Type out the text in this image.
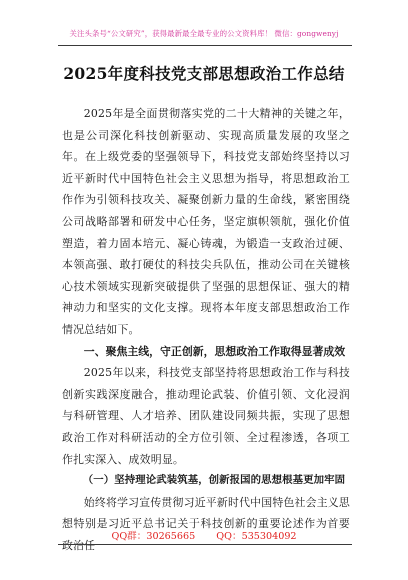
关注头条号“公文研究”，获得最新最全最专业的公文资料库！ 微信：gongwenyj
2025年度科技党支部思想政治工作总结

2025年是全面贯彻落实党的二十大精神的关键之年，也是公司深化科技创新驱动、实现高质量发展的攻坚之年。在上级党委的坚强领导下，科技党支部始终坚持以习近平新时代中国特色社会主义思想为指导，将思想政治工作作为引领科技攻关、凝聚创新力量的生命线，紧密围绕公司战略部署和研发中心任务，坚定旗帜领航，强化价值塑造，着力固本培元、凝心铸魂，为锻造一支政治过硬、本领高强、敢打硬仗的科技尖兵队伍，推动公司在关键核心技术领域实现新突破提供了坚强的思想保证、强大的精神动力和坚实的文化支撑。现将本年度支部思想政治工作情况总结如下。

一、聚焦主线，守正创新，思想政治工作取得显著成效

2025年以来，科技党支部坚持将思想政治工作与科技创新实践深度融合，推动理论武装、价值引领、文化浸润与科研管理、人才培养、团队建设同频共振，实现了思想政治工作对科研活动的全方位引领、全过程渗透，各项工作扎实深入、成效明显。

（一）坚持理论武装筑基，创新报国的思想根基更加牢固

始终将学习宣传贯彻习近平新时代中国特色社会主义思想特别是习近平总书记关于科技创新的重要论述作为首要政治任

QQ群：30265665 QQ：535304092
